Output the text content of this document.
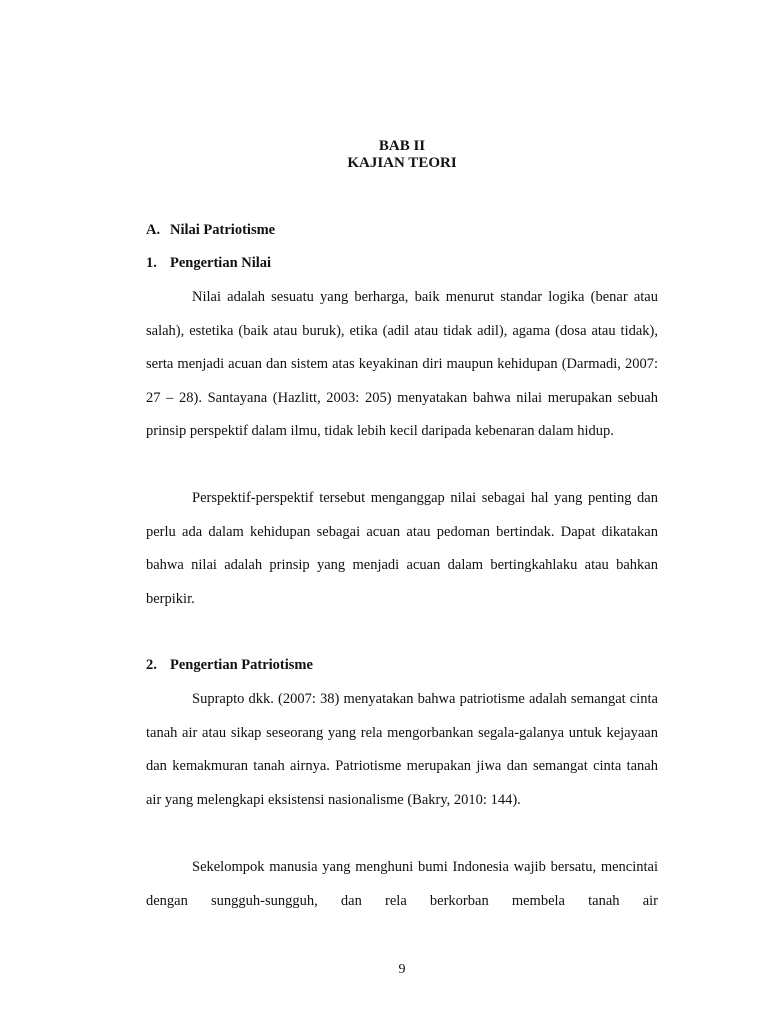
BAB II
KAJIAN TEORI
A. Nilai Patriotisme
1. Pengertian Nilai

Nilai adalah sesuatu yang berharga, baik menurut standar logika (benar atau salah), estetika (baik atau buruk), etika (adil atau tidak adil), agama (dosa atau tidak), serta menjadi acuan dan sistem atas keyakinan diri maupun kehidupan (Darmadi, 2007: 27 – 28). Santayana (Hazlitt, 2003: 205) menyatakan bahwa nilai merupakan sebuah prinsip perspektif dalam ilmu, tidak lebih kecil daripada kebenaran dalam hidup.

Perspektif-perspektif tersebut menganggap nilai sebagai hal yang penting dan perlu ada dalam kehidupan sebagai acuan atau pedoman bertindak. Dapat dikatakan bahwa nilai adalah prinsip yang menjadi acuan dalam bertingkahlaku atau bahkan berpikir.

2. Pengertian Patriotisme

Suprapto dkk. (2007: 38) menyatakan bahwa patriotisme adalah semangat cinta tanah air atau sikap seseorang yang rela mengorbankan segala-galanya untuk kejayaan dan kemakmuran tanah airnya. Patriotisme merupakan jiwa dan semangat cinta tanah air yang melengkapi eksistensi nasionalisme (Bakry, 2010: 144).

Sekelompok manusia yang menghuni bumi Indonesia wajib bersatu, mencintai dengan sungguh-sungguh, dan rela berkorban membela tanah air

9
